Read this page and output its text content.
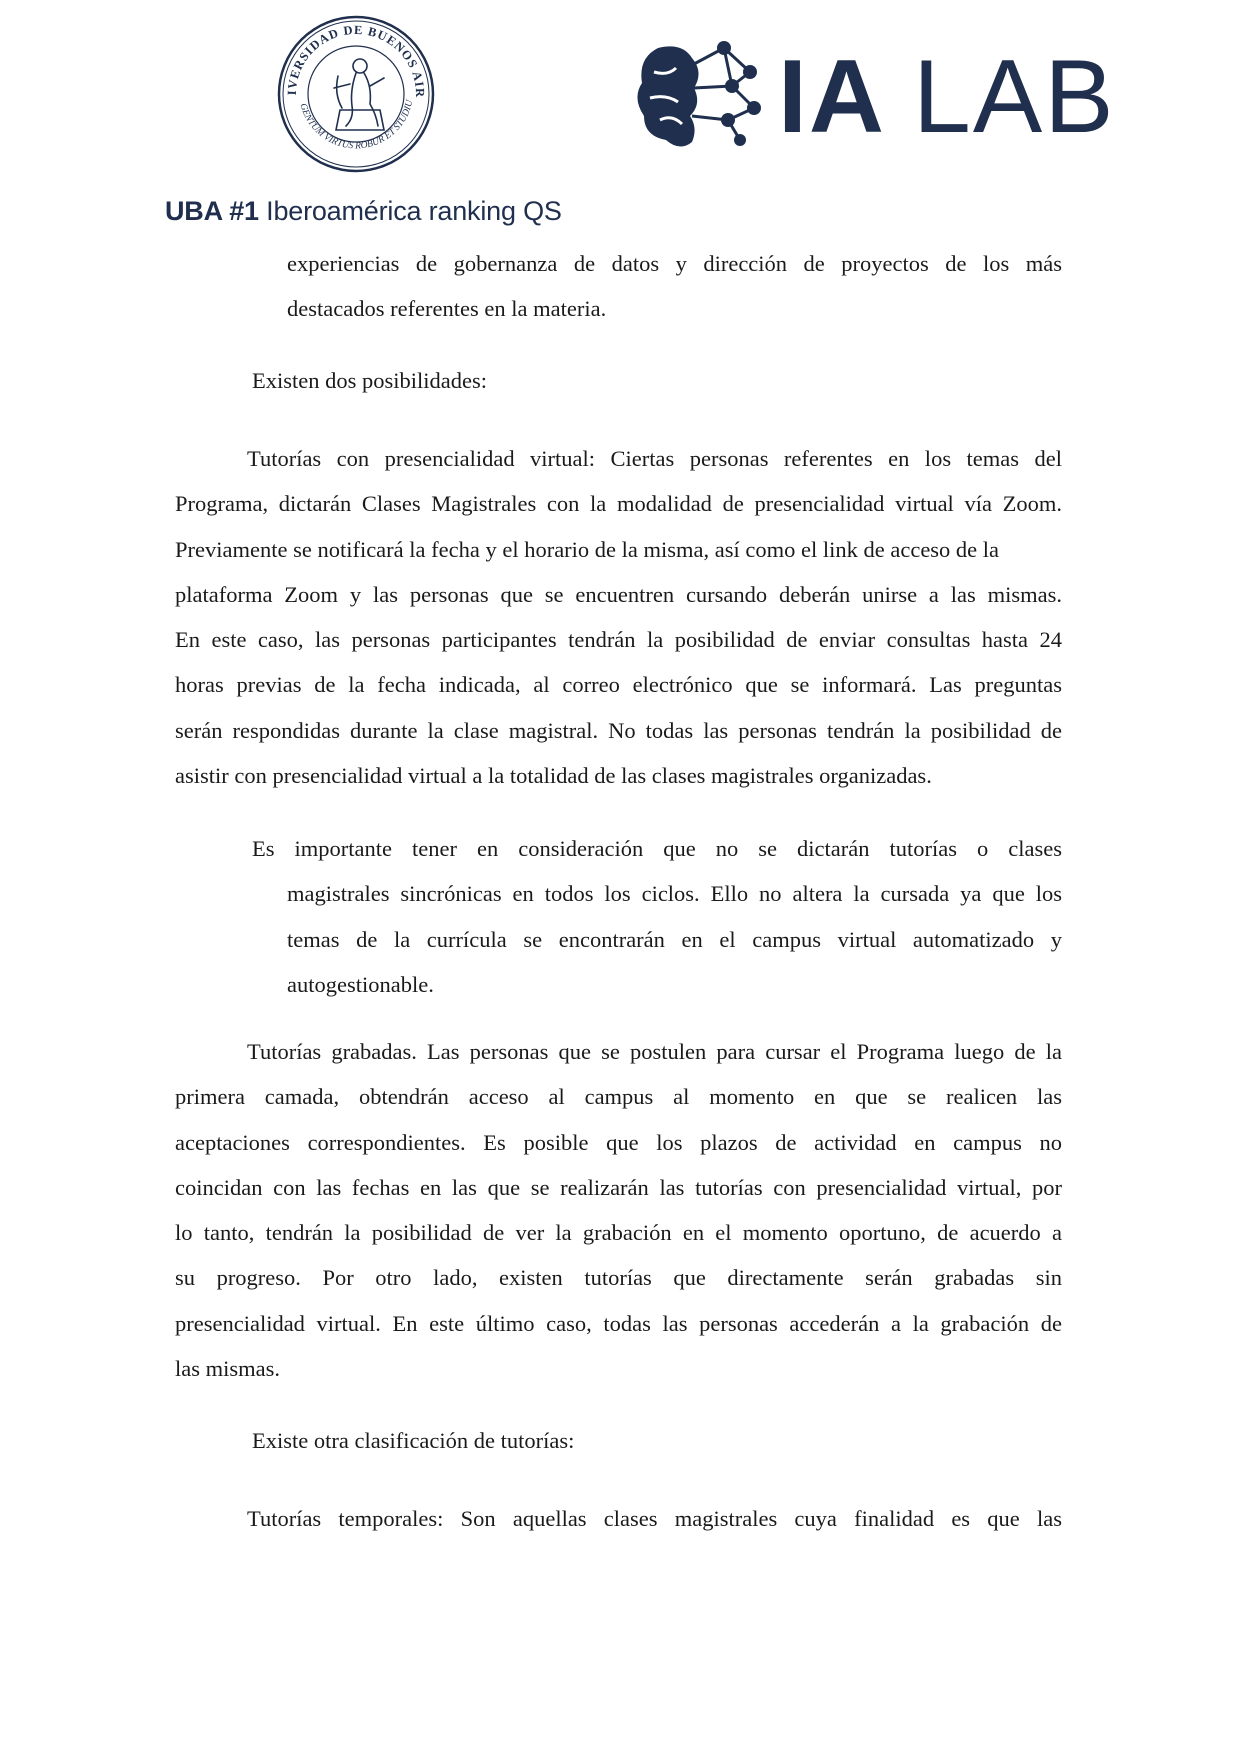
IVERSIDAD DE BUENOS AIR
GENTUM VIRTUS ROBUR ET STUDIU	IA LAB
UBA #1 Iberoamérica ranking QS
experiencias de gobernanza de datos y dirección de proyectos de los más
destacados referentes en la materia.
Existen dos posibilidades:
Tutorías con presencialidad virtual: Ciertas personas referentes en los temas del
Programa, dictarán Clases Magistrales con la modalidad de presencialidad virtual vía Zoom.
Previamente se notificará la fecha y el horario de la misma, así como el link de acceso de la
plataforma Zoom y las personas que se encuentren cursando deberán unirse a las mismas.
En este caso, las personas participantes tendrán la posibilidad de enviar consultas hasta 24
horas previas de la fecha indicada, al correo electrónico que se informará. Las preguntas
serán respondidas durante la clase magistral. No todas las personas tendrán la posibilidad de
asistir con presencialidad virtual a la totalidad de las clases magistrales organizadas.
Es importante tener en consideración que no se dictarán tutorías o clases
magistrales sincrónicas en todos los ciclos. Ello no altera la cursada ya que los
temas de la currícula se encontrarán en el campus virtual automatizado y
autogestionable.
Tutorías grabadas. Las personas que se postulen para cursar el Programa luego de la
primera camada, obtendrán acceso al campus al momento en que se realicen las
aceptaciones correspondientes. Es posible que los plazos de actividad en campus no
coincidan con las fechas en las que se realizarán las tutorías con presencialidad virtual, por
lo tanto, tendrán la posibilidad de ver la grabación en el momento oportuno, de acuerdo a
su progreso. Por otro lado, existen tutorías que directamente serán grabadas sin
presencialidad virtual. En este último caso, todas las personas accederán a la grabación de
las mismas.
Existe otra clasificación de tutorías:
Tutorías temporales: Son aquellas clases magistrales cuya finalidad es que las
